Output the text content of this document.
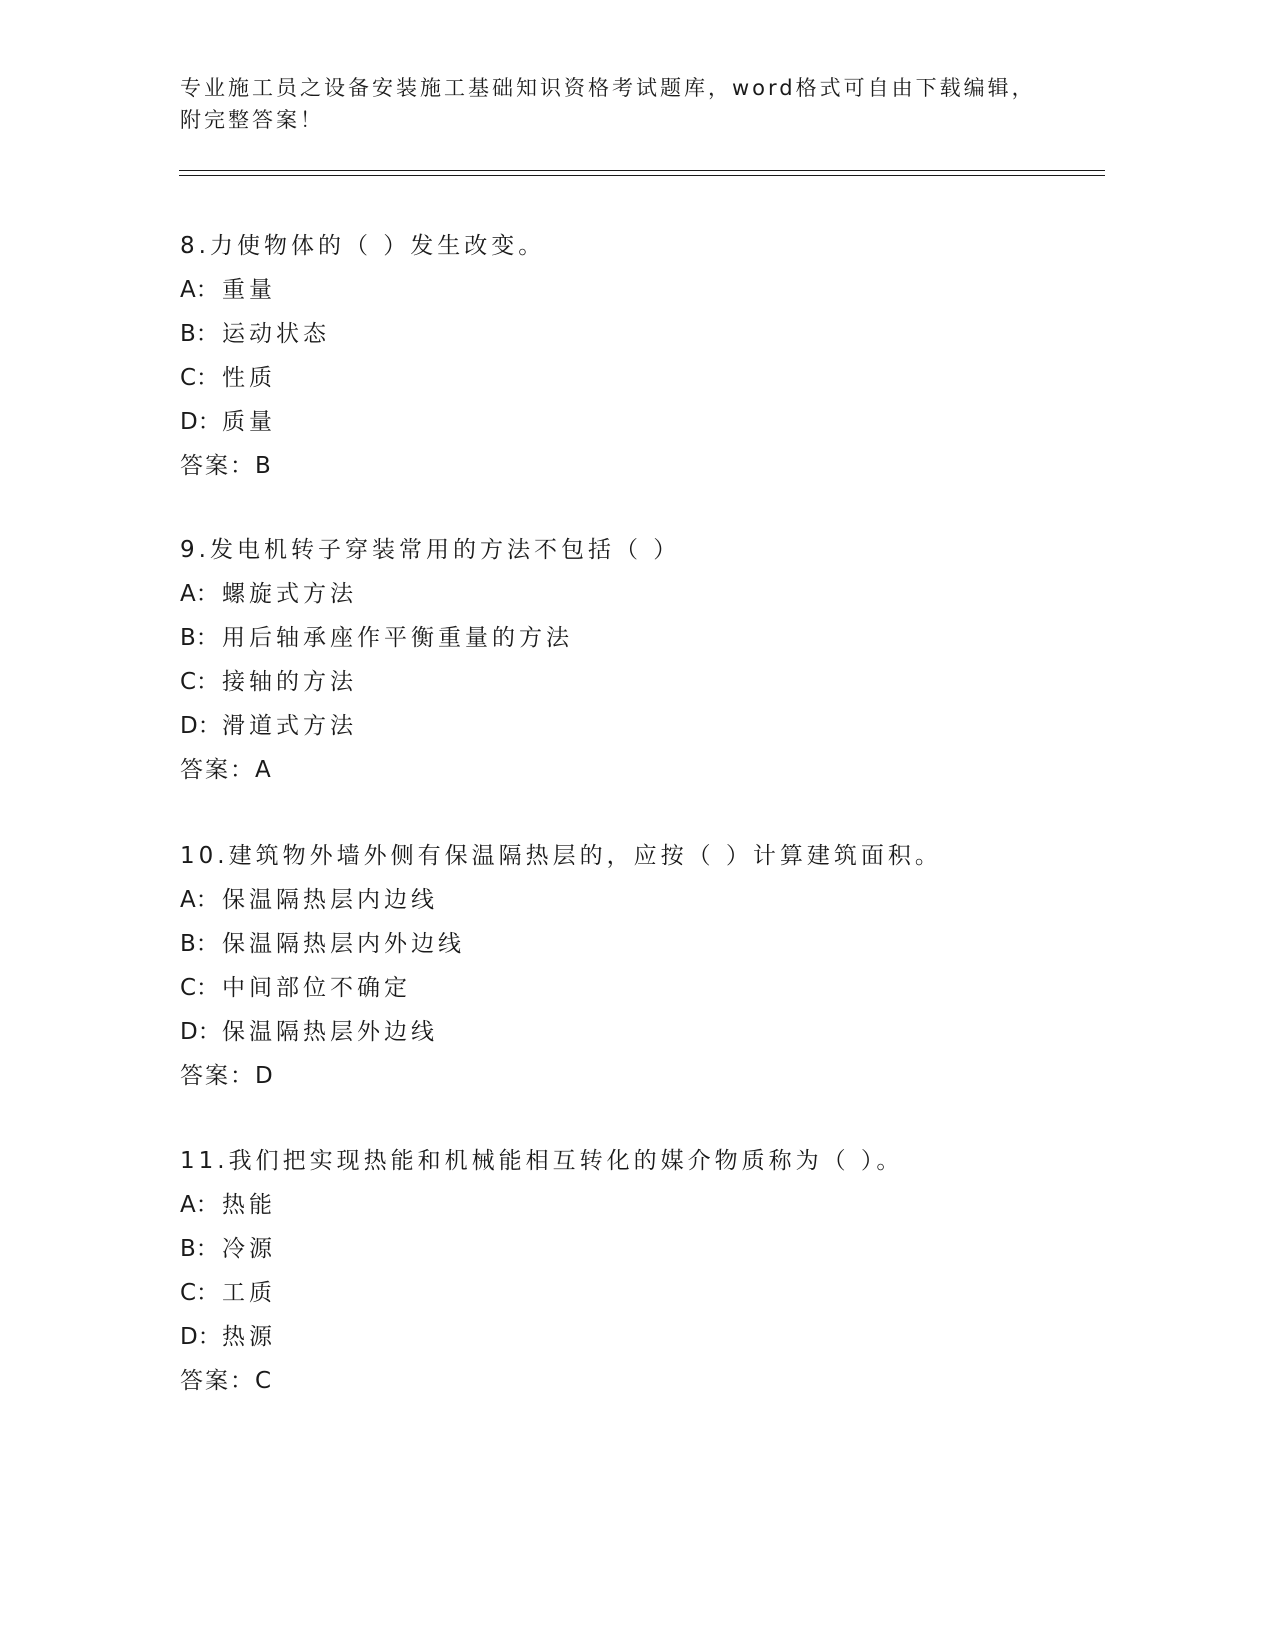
专业施工员之设备安装施工基础知识资格考试题库，word格式可自由下载编辑，
附完整答案！
8.力使物体的（ ）发生改变。
A： 重量
B： 运动状态
C： 性质
D：质量
答案：B
9.发电机转子穿装常用的方法不包括（ ）
A： 螺旋式方法
B： 用后轴承座作平衡重量的方法
C： 接轴的方法
D：滑道式方法
答案：A
10.建筑物外墙外侧有保温隔热层的，应按（ ）计算建筑面积。
A： 保温隔热层内边线
B： 保温隔热层内外边线
C： 中间部位不确定
D：保温隔热层外边线
答案：D
11.我们把实现热能和机械能相互转化的媒介物质称为（ ）。
A： 热能
B： 冷源
C： 工质
D：热源
答案：C
